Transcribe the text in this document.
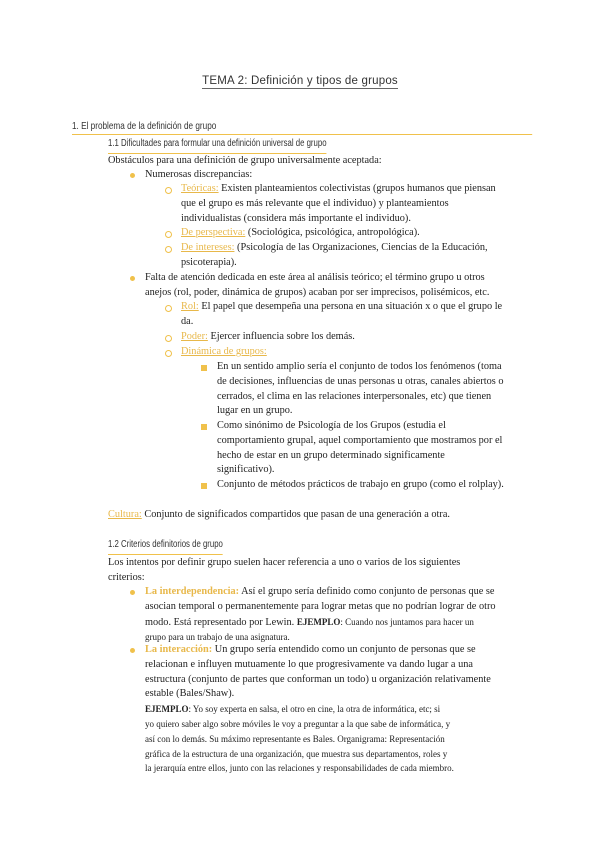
TEMA 2: Definición y tipos de grupos
1. El problema de la definición de grupo
1.1 Dificultades para formular una definición universal de grupo
Obstáculos para una definición de grupo universalmente aceptada:
Numerosas discrepancias:
Teóricas: Existen planteamientos colectivistas (grupos humanos que piensan
que el grupo es más relevante que el individuo) y planteamientos
individualistas (considera más importante el individuo).
De perspectiva: (Sociológica, psicológica, antropológica).
De intereses: (Psicología de las Organizaciones, Ciencias de la Educación,
psicoterapia).
Falta de atención dedicada en este área al análisis teórico; el término grupo u otros
anejos (rol, poder, dinámica de grupos) acaban por ser imprecisos, polisémicos, etc.
Rol: El papel que desempeña una persona en una situación x o que el grupo le
da.
Poder: Ejercer influencia sobre los demás.
Dinámica de grupos:
En un sentido amplio sería el conjunto de todos los fenómenos (toma
de decisiones, influencias de unas personas u otras, canales abiertos o
cerrados, el clima en las relaciones interpersonales, etc) que tienen
lugar en un grupo.
Como sinónimo de Psicología de los Grupos (estudia el
comportamiento grupal, aquel comportamiento que mostramos por el
hecho de estar en un grupo determinado significamente
significativo).
Conjunto de métodos prácticos de trabajo en grupo (como el rolplay).
Cultura: Conjunto de significados compartidos que pasan de una generación a otra.
1.2 Criterios definitorios de grupo
Los intentos por definir grupo suelen hacer referencia a uno o varios de los siguientes
criterios:
La interdependencia: Así el grupo sería definido como conjunto de personas que se
asocian temporal o permanentemente para lograr metas que no podrían lograr de otro
modo. Está representado por Lewin. EJEMPLO: Cuando nos juntamos para hacer un
grupo para un trabajo de una asignatura.
La interacción: Un grupo sería entendido como un conjunto de personas que se
relacionan e influyen mutuamente lo que progresivamente va dando lugar a una
estructura (conjunto de partes que conforman un todo) u organización relativamente
estable (Bales/Shaw).
EJEMPLO: Yo soy experta en salsa, el otro en cine, la otra de informática, etc; si
yo quiero saber algo sobre móviles le voy a preguntar a la que sabe de informática, y
así con lo demás. Su máximo representante es Bales. Organigrama: Representación
gráfica de la estructura de una organización, que muestra sus departamentos, roles y
la jerarquía entre ellos, junto con las relaciones y responsabilidades de cada miembro.
